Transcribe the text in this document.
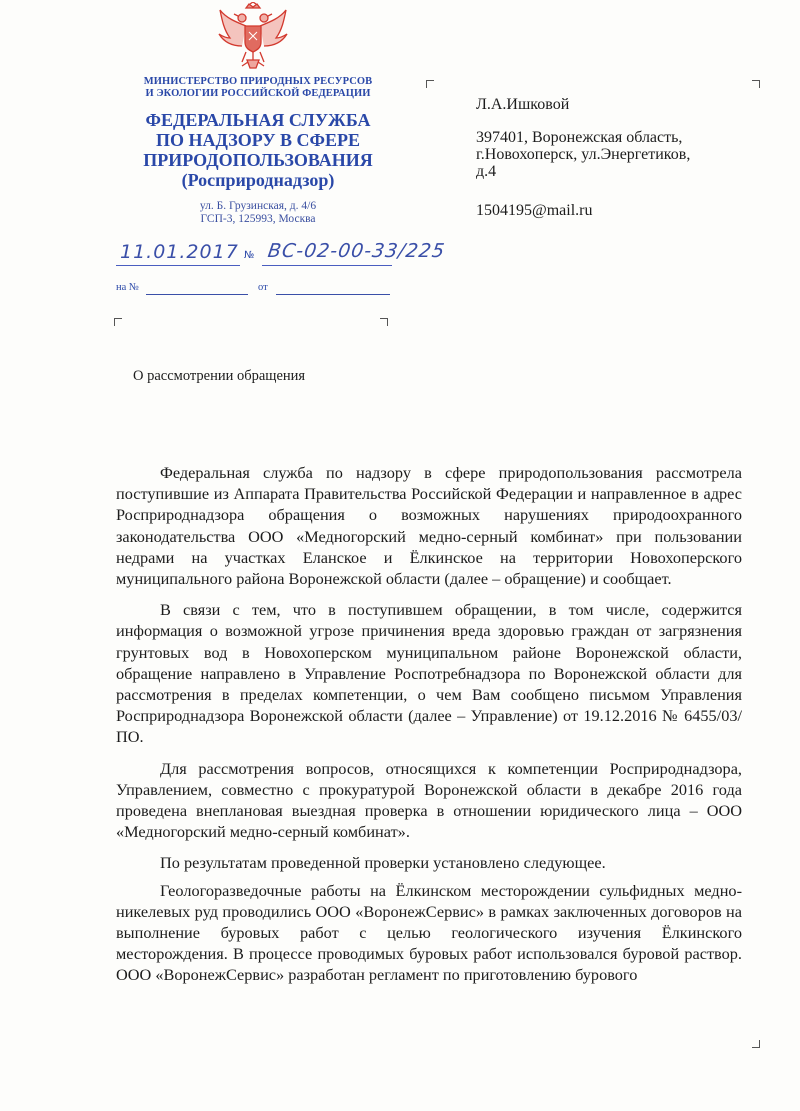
МИНИСТЕРСТВО ПРИРОДНЫХ РЕСУРСОВ
И ЭКОЛОГИИ РОССИЙСКОЙ ФЕДЕРАЦИИ
ФЕДЕРАЛЬНАЯ СЛУЖБА
ПО НАДЗОРУ В СФЕРЕ
ПРИРОДОПОЛЬЗОВАНИЯ
(Росприроднадзор)
ул. Б. Грузинская, д. 4/6
ГСП-3, 125993, Москва
11.01.2017 № ВС-02-00-33/225
на №	от
Л.А.Ишковой
397401, Воронежская область,
г.Новохоперск, ул.Энергетиков,
д.4
1504195@mail.ru
О рассмотрении обращения

Федеральная служба по надзору в сфере природопользования рассмотрела поступившие из Аппарата Правительства Российской Федерации и направленное в адрес Росприроднадзора обращения о возможных нарушениях природоохранного законодательства ООО «Медногорский медно-серный комбинат» при пользовании недрами на участках Еланское и Ёлкинское на территории Новохоперского муниципального района Воронежской области (далее – обращение) и сообщает.

В связи с тем, что в поступившем обращении, в том числе, содержится информация о возможной угрозе причинения вреда здоровью граждан от загрязнения грунтовых вод в Новохоперском муниципальном районе Воронежской области, обращение направлено в Управление Роспотребнадзора по Воронежской области для рассмотрения в пределах компетенции, о чем Вам сообщено письмом Управления Росприроднадзора Воронежской области (далее – Управление) от 19.12.2016 № 6455/03/ПО.

Для рассмотрения вопросов, относящихся к компетенции Росприроднадзора, Управлением, совместно с прокуратурой Воронежской области в декабре 2016 года проведена внеплановая выездная проверка в отношении юридического лица – ООО «Медногорский медно-серный комбинат».

По результатам проведенной проверки установлено следующее.

Геологоразведочные работы на Ёлкинском месторождении сульфидных медно-никелевых руд проводились ООО «ВоронежСервис» в рамках заключенных договоров на выполнение буровых работ с целью геологического изучения Ёлкинского месторождения. В процессе проводимых буровых работ использовался буровой раствор. ООО «ВоронежСервис» разработан регламент по приготовлению бурового
